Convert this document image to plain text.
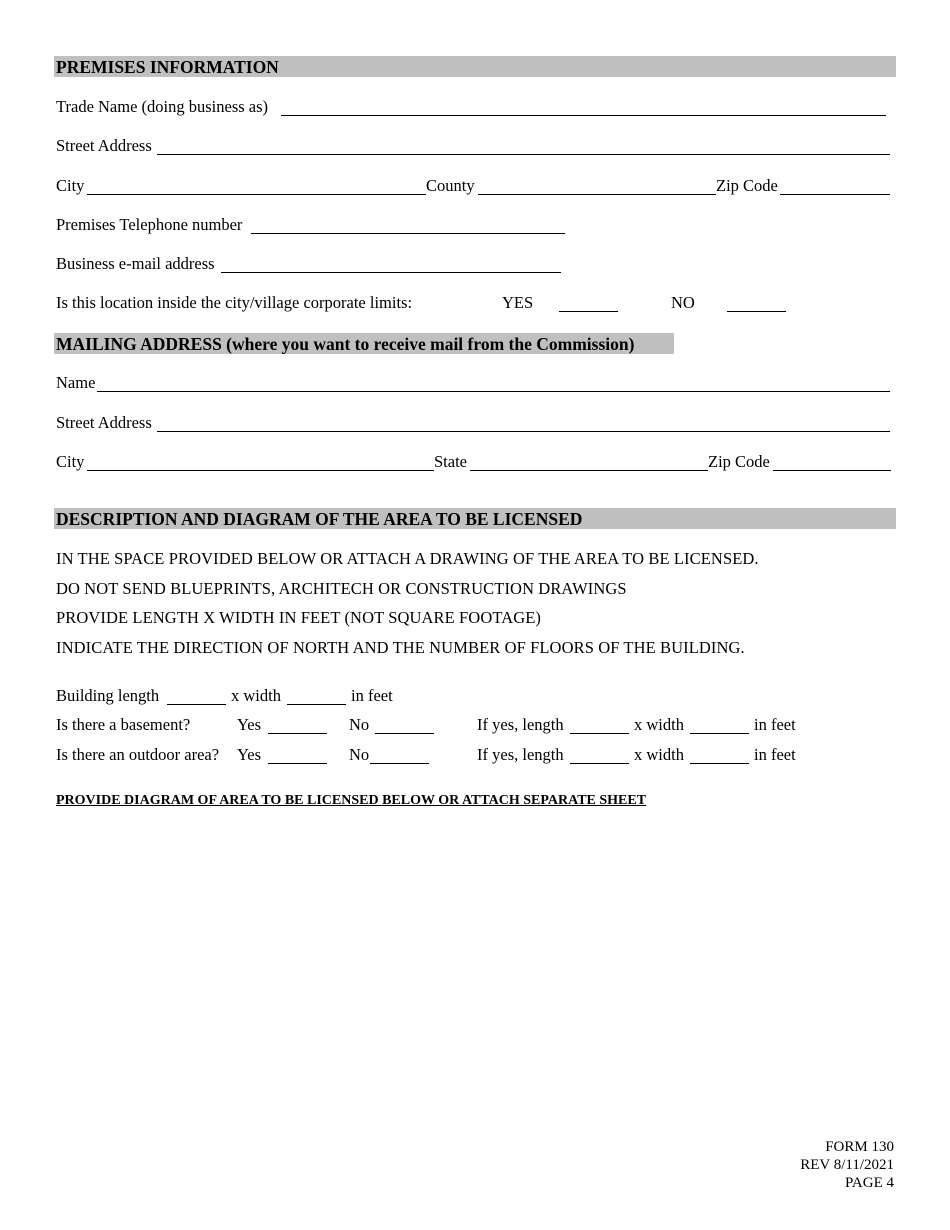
PREMISES INFORMATION
Trade Name (doing business as)
Street Address
City	County	Zip Code
Premises Telephone number
Business e-mail address
Is this location inside the city/village corporate limits:	YES	NO
MAILING ADDRESS (where you want to receive mail from the Commission)
Name
Street Address
City	State	Zip Code
DESCRIPTION AND DIAGRAM OF THE AREA TO BE LICENSED
IN THE SPACE PROVIDED BELOW OR ATTACH A DRAWING OF THE AREA TO BE LICENSED.
DO NOT SEND BLUEPRINTS, ARCHITECH OR CONSTRUCTION DRAWINGS
PROVIDE LENGTH X WIDTH IN FEET (NOT SQUARE FOOTAGE)
INDICATE THE DIRECTION OF NORTH AND THE NUMBER OF FLOORS OF THE BUILDING.
Building length	x width	in feet
Is there a basement?	Yes	No	If yes, length	x width	in feet
Is there an outdoor area? Yes	No	If yes, length	x width	in feet
PROVIDE DIAGRAM OF AREA TO BE LICENSED BELOW OR ATTACH SEPARATE SHEET
FORM 130
REV 8/11/2021
PAGE 4
